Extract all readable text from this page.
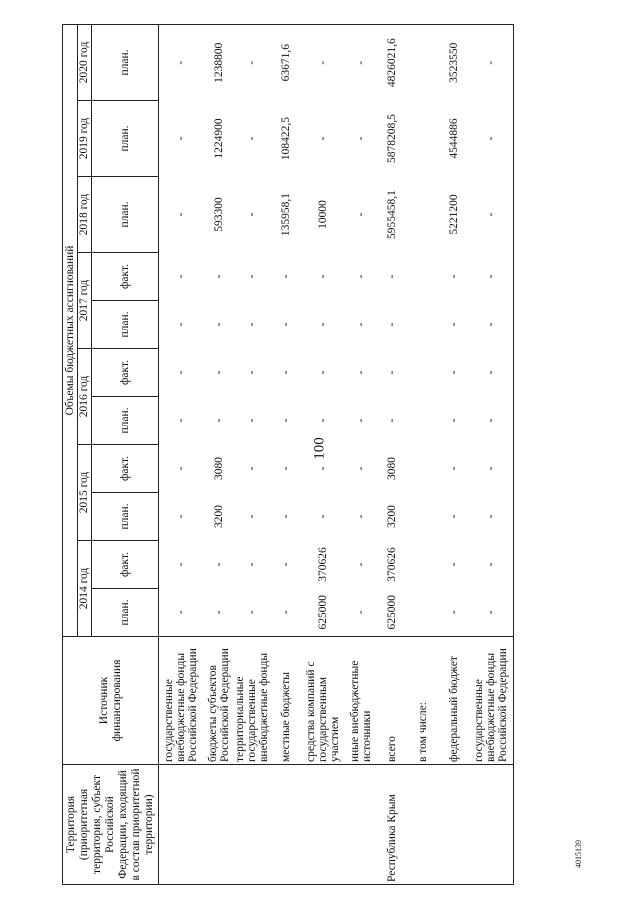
100
4015139
Территория (приоритетная территория, субъект Российской Федерации, входящий в состав приоритетной территории)	Источник финансирования	Объемы бюджетных ассигнований										
		2014 год		2015 год		2016 год		2017 год		2018 год	2019 год	2020 год
		план.	факт.	план.	факт.	план.	факт.	план.	факт.	план.	план.	план.
	государственные внебюджетные фонды Российской Федерации	-	-	-	-	-	-	-	-	-	-	-
	бюджеты субъектов Российской Федерации	-	-	3200	3080	-	-	-	-	593300	1224900	1238800
	территориальные государственные внебюджетные фонды	-	-	-	-	-	-	-	-	-	-	-
	местные бюджеты	-	-	-	-	-	-	-	-	135958,1	108422,5	63671,6
	средства компаний с государственным участием	625000	370626	-	-	-	-	-	-	10000	-	-
	иные внебюджетные источники	-	-	-	-	-	-	-	-	-	-	-
Республика Крым	всего	625000	370626	3200	3080	-	-	-	-	5955458,1	5878208,5	4826021,6
	в том числе:											
	федеральный бюджет	-	-	-	-	-	-	-	-	5221200	4544886	3523550
	государственные внебюджетные фонды Российской Федерации	-	-	-	-	-	-	-	-	-	-	-
